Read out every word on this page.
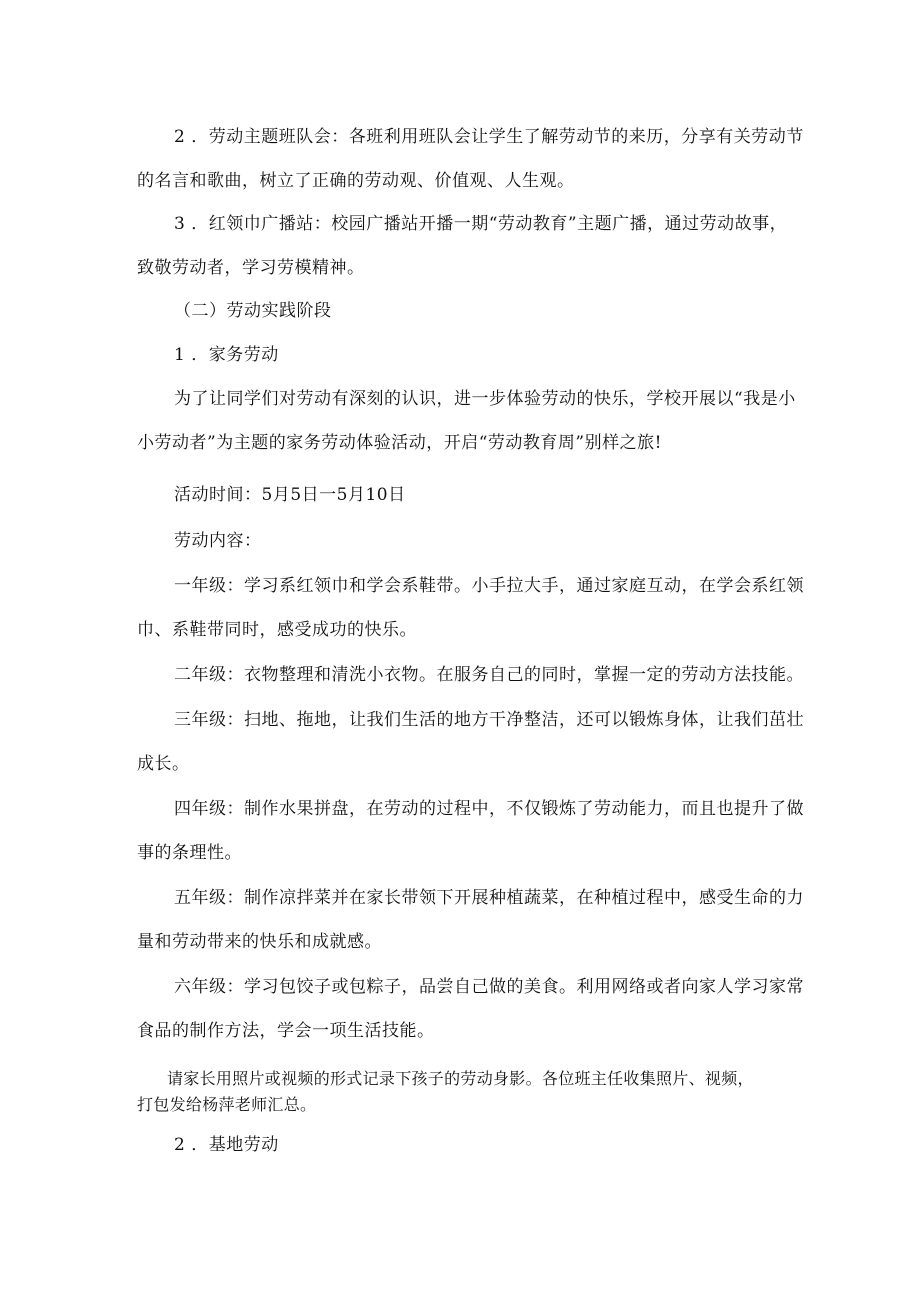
2 ．劳动主题班队会：各班利用班队会让学生了解劳动节的来历，分享有关劳动节
的名言和歌曲，树立了正确的劳动观、价值观、人生观。
3 ．红领巾广播站：校园广播站开播一期“劳动教育”主题广播，通过劳动故事，
致敬劳动者，学习劳模精神。
（二）劳动实践阶段
1 ．家务劳动
为了让同学们对劳动有深刻的认识，进一步体验劳动的快乐，学校开展以“我是小
小劳动者”为主题的家务劳动体验活动，开启“劳动教育周”别样之旅!
活动时间：5月5日一5月10日
劳动内容：
一年级：学习系红领巾和学会系鞋带。小手拉大手，通过家庭互动，在学会系红领
巾、系鞋带同时，感受成功的快乐。
二年级：衣物整理和清洗小衣物。在服务自己的同时，掌握一定的劳动方法技能。
三年级：扫地、拖地，让我们生活的地方干净整洁，还可以锻炼身体，让我们茁壮
成长。
四年级：制作水果拼盘，在劳动的过程中，不仅锻炼了劳动能力，而且也提升了做
事的条理性。
五年级：制作凉拌菜并在家长带领下开展种植蔬菜，在种植过程中，感受生命的力
量和劳动带来的快乐和成就感。
六年级：学习包饺子或包粽子，品尝自己做的美食。利用网络或者向家人学习家常
食品的制作方法，学会一项生活技能。
请家长用照片或视频的形式记录下孩子的劳动身影。各位班主任收集照片、视频，
打包发给杨萍老师汇总。
2 ．基地劳动
